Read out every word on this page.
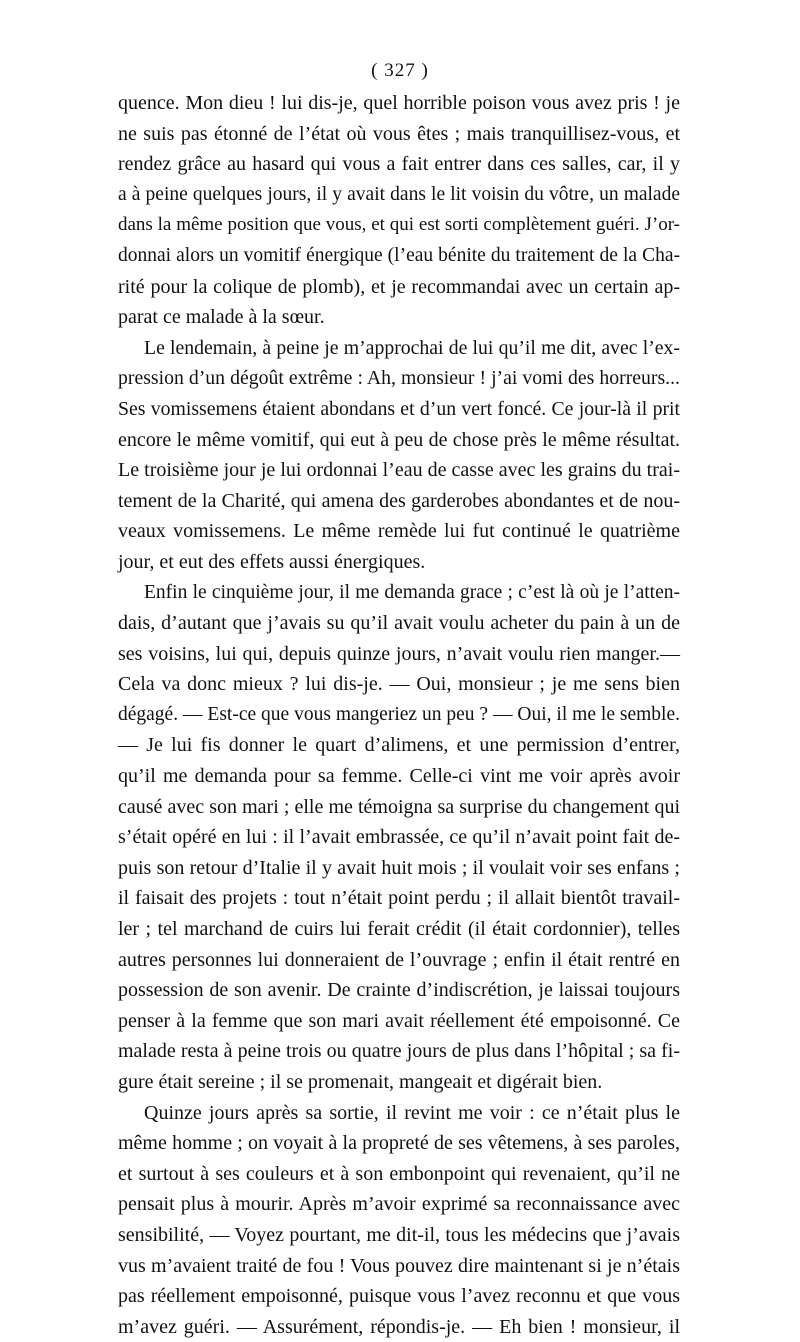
( 327 )
quence. Mon dieu ! lui dis-je, quel horrible poison vous avez pris ! je
ne suis pas étonné de l’état où vous êtes ; mais tranquillisez-vous, et
rendez grâce au hasard qui vous a fait entrer dans ces salles, car, il y
a à peine quelques jours, il y avait dans le lit voisin du vôtre, un malade
dans la même position que vous, et qui est sorti complètement guéri. J’or-
donnai alors un vomitif énergique (l’eau bénite du traitement de la Cha-
rité pour la colique de plomb), et je recommandai avec un certain ap-
parat ce malade à la sœur.
Le lendemain, à peine je m’approchai de lui qu’il me dit, avec l’ex-
pression d’un dégoût extrême : Ah, monsieur ! j’ai vomi des horreurs...
Ses vomissemens étaient abondans et d’un vert foncé. Ce jour-là il prit
encore le même vomitif, qui eut à peu de chose près le même résultat.
Le troisième jour je lui ordonnai l’eau de casse avec les grains du trai-
tement de la Charité, qui amena des garderobes abondantes et de nou-
veaux vomissemens. Le même remède lui fut continué le quatrième
jour, et eut des effets aussi énergiques.
Enfin le cinquième jour, il me demanda grace ; c’est là où je l’atten-
dais, d’autant que j’avais su qu’il avait voulu acheter du pain à un de
ses voisins, lui qui, depuis quinze jours, n’avait voulu rien manger.—
Cela va donc mieux ? lui dis-je. — Oui, monsieur ; je me sens bien
dégagé. — Est-ce que vous mangeriez un peu ? — Oui, il me le semble.
— Je lui fis donner le quart d’alimens, et une permission d’entrer,
qu’il me demanda pour sa femme. Celle-ci vint me voir après avoir
causé avec son mari ; elle me témoigna sa surprise du changement qui
s’était opéré en lui : il l’avait embrassée, ce qu’il n’avait point fait de-
puis son retour d’Italie il y avait huit mois ; il voulait voir ses enfans ;
il faisait des projets : tout n’était point perdu ; il allait bientôt travail-
ler ; tel marchand de cuirs lui ferait crédit (il était cordonnier), telles
autres personnes lui donneraient de l’ouvrage ; enfin il était rentré en
possession de son avenir. De crainte d’indiscrétion, je laissai toujours
penser à la femme que son mari avait réellement été empoisonné. Ce
malade resta à peine trois ou quatre jours de plus dans l’hôpital ; sa fi-
gure était sereine ; il se promenait, mangeait et digérait bien.
Quinze jours après sa sortie, il revint me voir : ce n’était plus le
même homme ; on voyait à la propreté de ses vêtemens, à ses paroles,
et surtout à ses couleurs et à son embonpoint qui revenaient, qu’il ne
pensait plus à mourir. Après m’avoir exprimé sa reconnaissance avec
sensibilité, — Voyez pourtant, me dit-il, tous les médecins que j’avais
vus m’avaient traité de fou ! Vous pouvez dire maintenant si je n’étais
pas réellement empoisonné, puisque vous l’avez reconnu et que vous
m’avez guéri. — Assurément, répondis-je. — Eh bien ! monsieur, il
